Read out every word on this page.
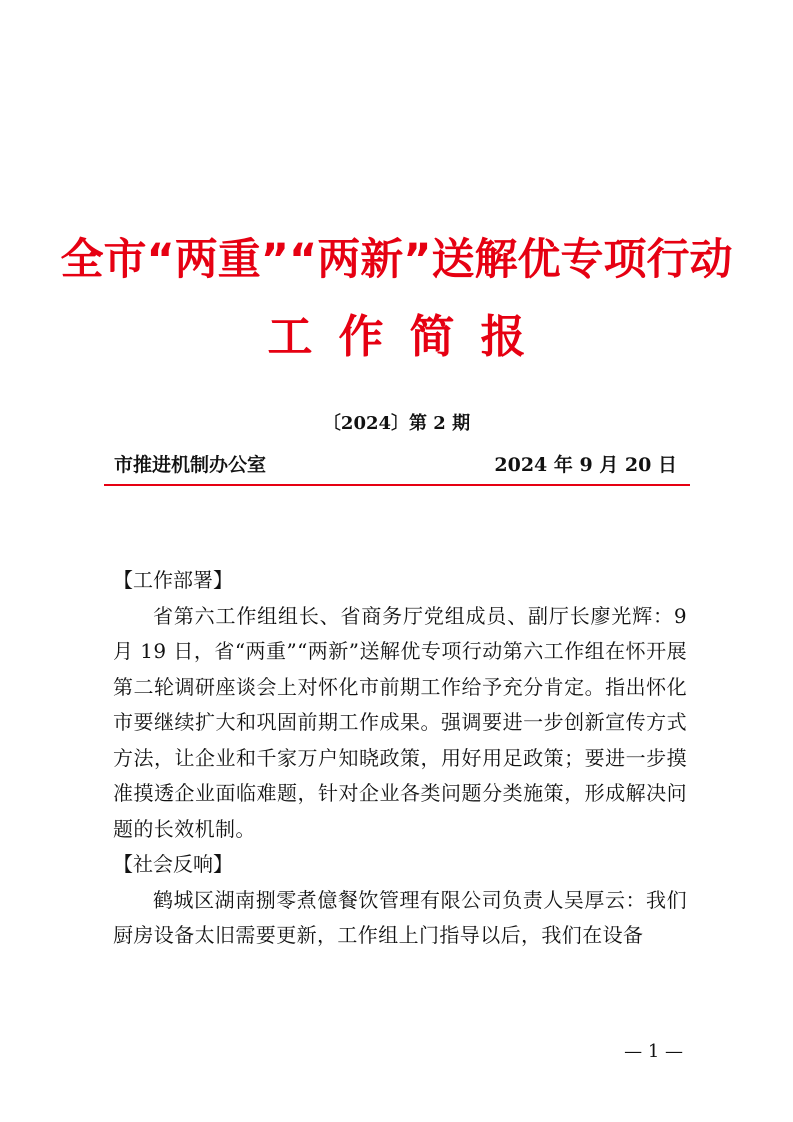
全市“两重”“两新”送解优专项行动
工作简报
〔2024〕第 2 期
市推进机制办公室	2024 年 9 月 20 日

【工作部署】

省第六工作组组长、省商务厅党组成员、副厅长廖光辉：9 月 19 日，省“两重”“两新”送解优专项行动第六工作组在怀开展第二轮调研座谈会上对怀化市前期工作给予充分肯定。指出怀化市要继续扩大和巩固前期工作成果。强调要进一步创新宣传方式方法，让企业和千家万户知晓政策，用好用足政策；要进一步摸准摸透企业面临难题，针对企业各类问题分类施策，形成解决问题的长效机制。

【社会反响】

鹤城区湖南捌零煮億餐饮管理有限公司负责人吴厚云：我们厨房设备太旧需要更新，工作组上门指导以后，我们在设备

— 1 —
